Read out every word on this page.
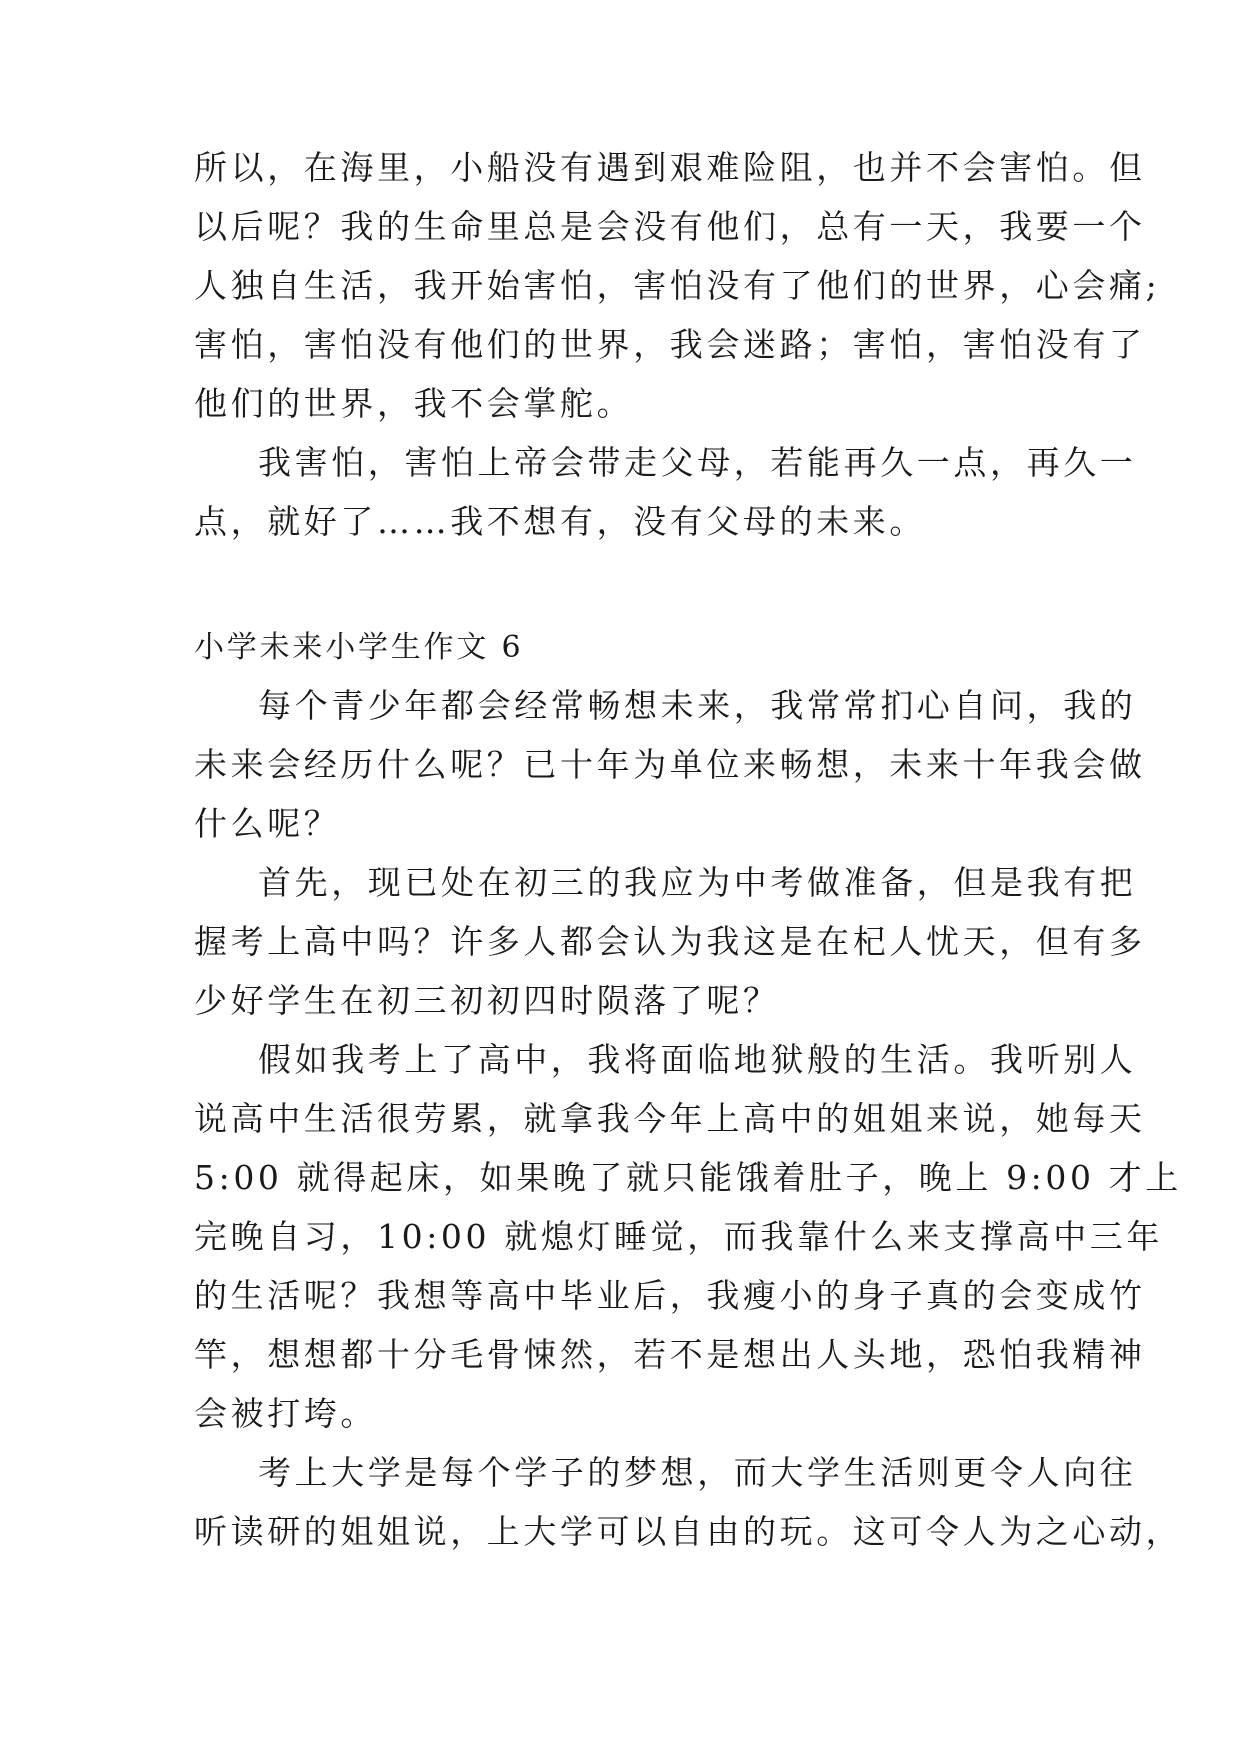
所以，在海里，小船没有遇到艰难险阻，也并不会害怕。但
以后呢？我的生命里总是会没有他们，总有一天，我要一个
人独自生活，我开始害怕，害怕没有了他们的世界，心会痛;
害怕，害怕没有他们的世界，我会迷路；害怕，害怕没有了
他们的世界，我不会掌舵。
我害怕，害怕上帝会带走父母，若能再久一点，再久一
点，就好了……我不想有，没有父母的未来。
小学未来小学生作文 6
每个青少年都会经常畅想未来，我常常扪心自问，我的
未来会经历什么呢？已十年为单位来畅想，未来十年我会做
什么呢？
首先，现已处在初三的我应为中考做准备，但是我有把
握考上高中吗？许多人都会认为我这是在杞人忧天，但有多
少好学生在初三初初四时陨落了呢？
假如我考上了高中，我将面临地狱般的生活。我听别人
说高中生活很劳累，就拿我今年上高中的姐姐来说，她每天
5:00 就得起床，如果晚了就只能饿着肚子，晚上 9:00 才上
完晚自习，10:00 就熄灯睡觉，而我靠什么来支撑高中三年
的生活呢？我想等高中毕业后，我瘦小的身子真的会变成竹
竿，想想都十分毛骨悚然，若不是想出人头地，恐怕我精神
会被打垮。
考上大学是每个学子的梦想，而大学生活则更令人向往
听读研的姐姐说，上大学可以自由的玩。这可令人为之心动，
